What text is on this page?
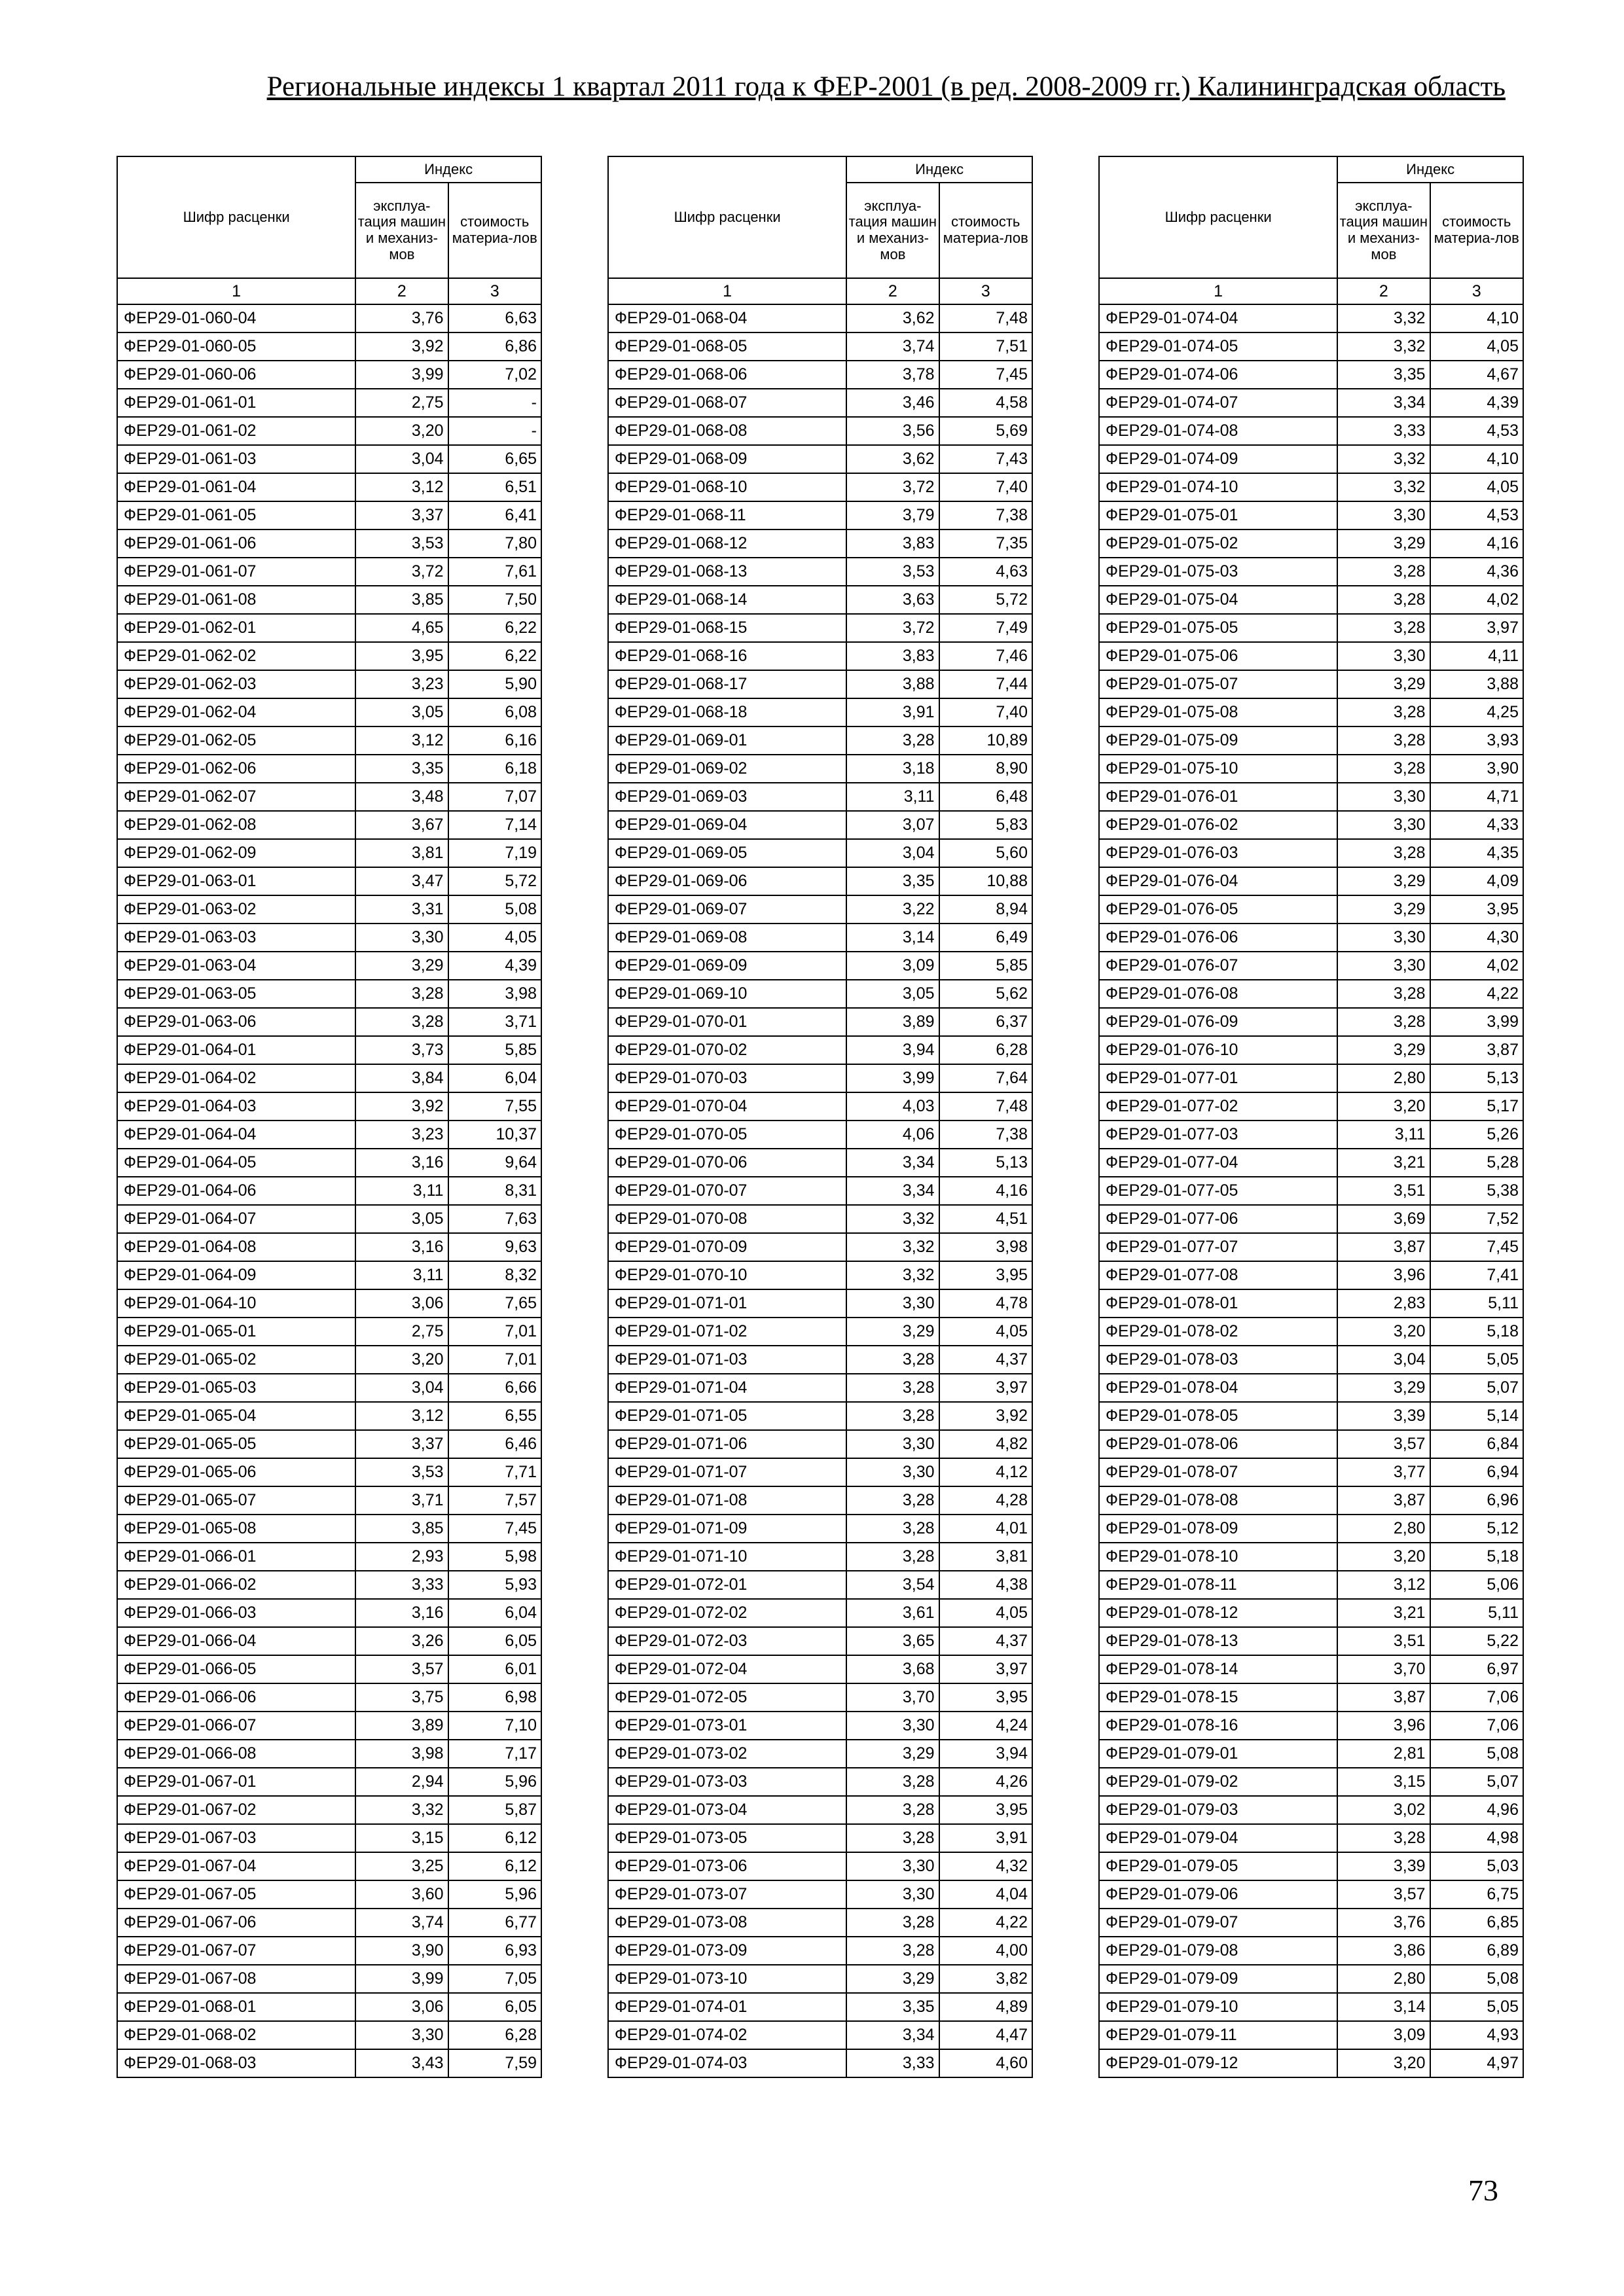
Региональные индексы 1 квартал 2011 года к ФЕР-2001 (в ред. 2008-2009 гг.) Калининградская область
Шифр расценки	Индекс	
	эксплуа-тация машин и механиз-мов	стоимость материа-лов
1	2	3
ФЕР29-01-060-04	3,76	6,63
ФЕР29-01-060-05	3,92	6,86
ФЕР29-01-060-06	3,99	7,02
ФЕР29-01-061-01	2,75	-
ФЕР29-01-061-02	3,20	-
ФЕР29-01-061-03	3,04	6,65
ФЕР29-01-061-04	3,12	6,51
ФЕР29-01-061-05	3,37	6,41
ФЕР29-01-061-06	3,53	7,80
ФЕР29-01-061-07	3,72	7,61
ФЕР29-01-061-08	3,85	7,50
ФЕР29-01-062-01	4,65	6,22
ФЕР29-01-062-02	3,95	6,22
ФЕР29-01-062-03	3,23	5,90
ФЕР29-01-062-04	3,05	6,08
ФЕР29-01-062-05	3,12	6,16
ФЕР29-01-062-06	3,35	6,18
ФЕР29-01-062-07	3,48	7,07
ФЕР29-01-062-08	3,67	7,14
ФЕР29-01-062-09	3,81	7,19
ФЕР29-01-063-01	3,47	5,72
ФЕР29-01-063-02	3,31	5,08
ФЕР29-01-063-03	3,30	4,05
ФЕР29-01-063-04	3,29	4,39
ФЕР29-01-063-05	3,28	3,98
ФЕР29-01-063-06	3,28	3,71
ФЕР29-01-064-01	3,73	5,85
ФЕР29-01-064-02	3,84	6,04
ФЕР29-01-064-03	3,92	7,55
ФЕР29-01-064-04	3,23	10,37
ФЕР29-01-064-05	3,16	9,64
ФЕР29-01-064-06	3,11	8,31
ФЕР29-01-064-07	3,05	7,63
ФЕР29-01-064-08	3,16	9,63
ФЕР29-01-064-09	3,11	8,32
ФЕР29-01-064-10	3,06	7,65
ФЕР29-01-065-01	2,75	7,01
ФЕР29-01-065-02	3,20	7,01
ФЕР29-01-065-03	3,04	6,66
ФЕР29-01-065-04	3,12	6,55
ФЕР29-01-065-05	3,37	6,46
ФЕР29-01-065-06	3,53	7,71
ФЕР29-01-065-07	3,71	7,57
ФЕР29-01-065-08	3,85	7,45
ФЕР29-01-066-01	2,93	5,98
ФЕР29-01-066-02	3,33	5,93
ФЕР29-01-066-03	3,16	6,04
ФЕР29-01-066-04	3,26	6,05
ФЕР29-01-066-05	3,57	6,01
ФЕР29-01-066-06	3,75	6,98
ФЕР29-01-066-07	3,89	7,10
ФЕР29-01-066-08	3,98	7,17
ФЕР29-01-067-01	2,94	5,96
ФЕР29-01-067-02	3,32	5,87
ФЕР29-01-067-03	3,15	6,12
ФЕР29-01-067-04	3,25	6,12
ФЕР29-01-067-05	3,60	5,96
ФЕР29-01-067-06	3,74	6,77
ФЕР29-01-067-07	3,90	6,93
ФЕР29-01-067-08	3,99	7,05
ФЕР29-01-068-01	3,06	6,05
ФЕР29-01-068-02	3,30	6,28
ФЕР29-01-068-03	3,43	7,59
Шифр расценки	Индекс	
	эксплуа-тация машин и механиз-мов	стоимость материа-лов
1	2	3
ФЕР29-01-068-04	3,62	7,48
ФЕР29-01-068-05	3,74	7,51
ФЕР29-01-068-06	3,78	7,45
ФЕР29-01-068-07	3,46	4,58
ФЕР29-01-068-08	3,56	5,69
ФЕР29-01-068-09	3,62	7,43
ФЕР29-01-068-10	3,72	7,40
ФЕР29-01-068-11	3,79	7,38
ФЕР29-01-068-12	3,83	7,35
ФЕР29-01-068-13	3,53	4,63
ФЕР29-01-068-14	3,63	5,72
ФЕР29-01-068-15	3,72	7,49
ФЕР29-01-068-16	3,83	7,46
ФЕР29-01-068-17	3,88	7,44
ФЕР29-01-068-18	3,91	7,40
ФЕР29-01-069-01	3,28	10,89
ФЕР29-01-069-02	3,18	8,90
ФЕР29-01-069-03	3,11	6,48
ФЕР29-01-069-04	3,07	5,83
ФЕР29-01-069-05	3,04	5,60
ФЕР29-01-069-06	3,35	10,88
ФЕР29-01-069-07	3,22	8,94
ФЕР29-01-069-08	3,14	6,49
ФЕР29-01-069-09	3,09	5,85
ФЕР29-01-069-10	3,05	5,62
ФЕР29-01-070-01	3,89	6,37
ФЕР29-01-070-02	3,94	6,28
ФЕР29-01-070-03	3,99	7,64
ФЕР29-01-070-04	4,03	7,48
ФЕР29-01-070-05	4,06	7,38
ФЕР29-01-070-06	3,34	5,13
ФЕР29-01-070-07	3,34	4,16
ФЕР29-01-070-08	3,32	4,51
ФЕР29-01-070-09	3,32	3,98
ФЕР29-01-070-10	3,32	3,95
ФЕР29-01-071-01	3,30	4,78
ФЕР29-01-071-02	3,29	4,05
ФЕР29-01-071-03	3,28	4,37
ФЕР29-01-071-04	3,28	3,97
ФЕР29-01-071-05	3,28	3,92
ФЕР29-01-071-06	3,30	4,82
ФЕР29-01-071-07	3,30	4,12
ФЕР29-01-071-08	3,28	4,28
ФЕР29-01-071-09	3,28	4,01
ФЕР29-01-071-10	3,28	3,81
ФЕР29-01-072-01	3,54	4,38
ФЕР29-01-072-02	3,61	4,05
ФЕР29-01-072-03	3,65	4,37
ФЕР29-01-072-04	3,68	3,97
ФЕР29-01-072-05	3,70	3,95
ФЕР29-01-073-01	3,30	4,24
ФЕР29-01-073-02	3,29	3,94
ФЕР29-01-073-03	3,28	4,26
ФЕР29-01-073-04	3,28	3,95
ФЕР29-01-073-05	3,28	3,91
ФЕР29-01-073-06	3,30	4,32
ФЕР29-01-073-07	3,30	4,04
ФЕР29-01-073-08	3,28	4,22
ФЕР29-01-073-09	3,28	4,00
ФЕР29-01-073-10	3,29	3,82
ФЕР29-01-074-01	3,35	4,89
ФЕР29-01-074-02	3,34	4,47
ФЕР29-01-074-03	3,33	4,60
Шифр расценки	Индекс	
	эксплуа-тация машин и механиз-мов	стоимость материа-лов
1	2	3
ФЕР29-01-074-04	3,32	4,10
ФЕР29-01-074-05	3,32	4,05
ФЕР29-01-074-06	3,35	4,67
ФЕР29-01-074-07	3,34	4,39
ФЕР29-01-074-08	3,33	4,53
ФЕР29-01-074-09	3,32	4,10
ФЕР29-01-074-10	3,32	4,05
ФЕР29-01-075-01	3,30	4,53
ФЕР29-01-075-02	3,29	4,16
ФЕР29-01-075-03	3,28	4,36
ФЕР29-01-075-04	3,28	4,02
ФЕР29-01-075-05	3,28	3,97
ФЕР29-01-075-06	3,30	4,11
ФЕР29-01-075-07	3,29	3,88
ФЕР29-01-075-08	3,28	4,25
ФЕР29-01-075-09	3,28	3,93
ФЕР29-01-075-10	3,28	3,90
ФЕР29-01-076-01	3,30	4,71
ФЕР29-01-076-02	3,30	4,33
ФЕР29-01-076-03	3,28	4,35
ФЕР29-01-076-04	3,29	4,09
ФЕР29-01-076-05	3,29	3,95
ФЕР29-01-076-06	3,30	4,30
ФЕР29-01-076-07	3,30	4,02
ФЕР29-01-076-08	3,28	4,22
ФЕР29-01-076-09	3,28	3,99
ФЕР29-01-076-10	3,29	3,87
ФЕР29-01-077-01	2,80	5,13
ФЕР29-01-077-02	3,20	5,17
ФЕР29-01-077-03	3,11	5,26
ФЕР29-01-077-04	3,21	5,28
ФЕР29-01-077-05	3,51	5,38
ФЕР29-01-077-06	3,69	7,52
ФЕР29-01-077-07	3,87	7,45
ФЕР29-01-077-08	3,96	7,41
ФЕР29-01-078-01	2,83	5,11
ФЕР29-01-078-02	3,20	5,18
ФЕР29-01-078-03	3,04	5,05
ФЕР29-01-078-04	3,29	5,07
ФЕР29-01-078-05	3,39	5,14
ФЕР29-01-078-06	3,57	6,84
ФЕР29-01-078-07	3,77	6,94
ФЕР29-01-078-08	3,87	6,96
ФЕР29-01-078-09	2,80	5,12
ФЕР29-01-078-10	3,20	5,18
ФЕР29-01-078-11	3,12	5,06
ФЕР29-01-078-12	3,21	5,11
ФЕР29-01-078-13	3,51	5,22
ФЕР29-01-078-14	3,70	6,97
ФЕР29-01-078-15	3,87	7,06
ФЕР29-01-078-16	3,96	7,06
ФЕР29-01-079-01	2,81	5,08
ФЕР29-01-079-02	3,15	5,07
ФЕР29-01-079-03	3,02	4,96
ФЕР29-01-079-04	3,28	4,98
ФЕР29-01-079-05	3,39	5,03
ФЕР29-01-079-06	3,57	6,75
ФЕР29-01-079-07	3,76	6,85
ФЕР29-01-079-08	3,86	6,89
ФЕР29-01-079-09	2,80	5,08
ФЕР29-01-079-10	3,14	5,05
ФЕР29-01-079-11	3,09	4,93
ФЕР29-01-079-12	3,20	4,97
73
